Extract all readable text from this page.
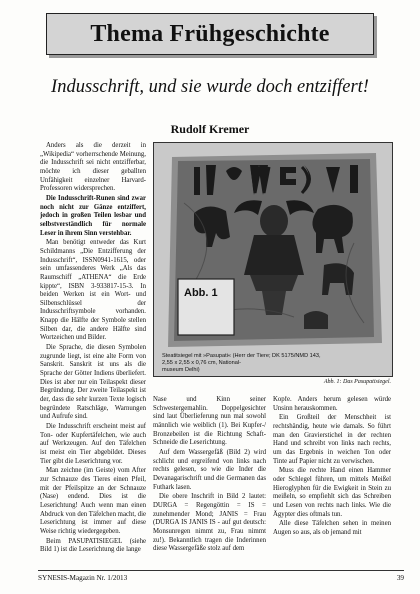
Thema Frühgeschichte
Indusschrift, und sie wurde doch entziffert!
Rudolf Kremer

Anders als die derzeit in „Wikipedia“ vorherrschende Meinung, die Indusschrift sei nicht entzifferbar, möchte ich dieser geballten Unfähigkeit einzelner Harvard-Professoren widersprechen.

Die Indusschrift-Runen sind zwar noch nicht zur Gänze entziffert, jedoch in großen Teilen lesbar und selbstverständlich für normale Leser in ihrem Sinn verstehbar.

Man benötigt entweder das Kurt Schildmanns „Die Entzifferung der Indusschrift“, ISSN0941-1615, oder sein umfassenderes Werk „Als das Raumschiff „ATHENA“ die Erde kippte“, ISBN 3-933817-15-3. In beiden Werken ist ein Wort- und Silbenschlüssel der Indusschriftsymbole vorhanden. Knapp die Hälfte der Symbole stellen Silben dar, die andere Hälfte sind Wortzeichen und Bilder.

Die Sprache, die diesen Symbolen zugrunde liegt, ist eine alte Form von Sanskrit. Sanskrit ist uns als die Sprache der Götter Indiens überliefert. Dies ist aber nur ein Teilaspekt dieser Begründung. Der zweite Teilaspekt ist der, dass die sehr kurzen Texte logisch begründete Ratschläge, Warnungen und Aufrufe sind.

Die Indusschrift erscheint meist auf Ton- oder Kupfertäfelchen, wie auch auf Werkzeugen. Auf den Täfelchen ist meist ein Tier abgebildet. Dieses Tier gibt die Leserichtung vor.

Man zeichne (im Geiste) vom After zur Schnauze des Tieres einen Pfeil, mit der Pfeilspitze an der Schnauze (Nase) endend. Dies ist die Leserichtung! Auch wenn man einen Abdruck von den Täfelchen macht, die Leserichtung ist immer auf diese Weise richtig wiedergegeben.

Beim PASUPATISIEGEL (siehe Bild 1) ist die Leserichtung die lange

Abb. 1
Steatitsiegel mit »Pasupati« (Herr der Tiere; DK 5175/NMD 143,
2,55 x 2,55 x 0,76 cm, National-
museum Delhi)
Abb. 1: Das Pasupatisiegel.

Nase und Kinn seiner Schwestergemahlin. Doppelgesichter sind laut Überlieferung nun mal sowohl männlich wie weiblich (1). Bei Kupfer-/ Bronzebeilen ist die Richtung Schaft-Schneide die Leserichtung.

Auf dem Wassergefäß (Bild 2) wird schlicht und ergreifend von links nach rechts gelesen, so wie die Inder die Devanagarischrift und die Germanen das Futhark lasen.

Die obere Inschrift in Bild 2 lautet: DURGA = Regengöttin = IS = zunehmender Mond; JANIS = Frau (DURGA IS JANIS IS - auf gut deutsch: Monsunregen nimmt zu, Frau nimmt zu!). Bekanntlich tragen die Inderinnen diese Wassergefäße stolz auf dem

Kopfe. Anders herum gelesen würde Unsinn herauskommen.

Ein Großteil der Menschheit ist rechtshändig, heute wie damals. So führt man den Gravierstichel in der rechten Hand und schreibt von links nach rechts, um das Ergebnis in weichen Ton oder Tinte auf Papier nicht zu verwischen.

Muss die rechte Hand einen Hammer oder Schlegel führen, um mittels Meißel Hieroglyphen für die Ewigkeit in Stein zu meißeln, so empfiehlt sich das Schreiben und Lesen von rechts nach links. Wie die Ägypter dies oftmals tun.

Alle diese Täfelchen sehen in meinen Augen so aus, als ob jemand mit

SYNESIS-Magazin Nr. 1/2013	39
